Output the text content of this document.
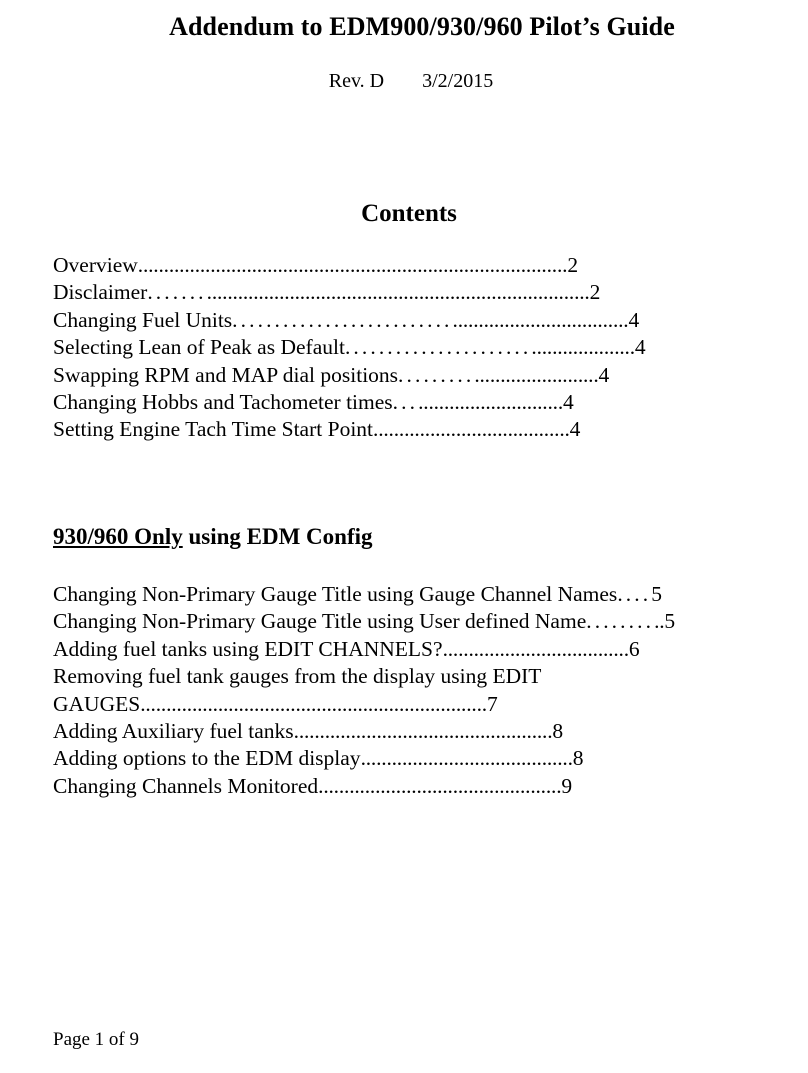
Addendum to EDM900/930/960 Pilot’s Guide
Rev. D 3/2/2015
Contents
Overview...................................................................................2
Disclaimer.................................................................................2
Changing Fuel Units............................................................4
Selecting Lean of Peak as Default..........................................4
Swapping RPM and MAP dial positions.................................4
Changing Hobbs and Tachometer times...............................4
Setting Engine Tach Time Start Point......................................4
930/960 Only using EDM Config
Changing Non-Primary Gauge Title using Gauge Channel Names....5
Changing Non-Primary Gauge Title using User defined Name..........5
Adding fuel tanks using EDIT CHANNELS?....................................6
Removing fuel tank gauges from the display using EDIT
GAUGES...................................................................7
Adding Auxiliary fuel tanks..................................................8
Adding options to the EDM display.........................................8
Changing Channels Monitored...............................................9
Page 1 of 9
